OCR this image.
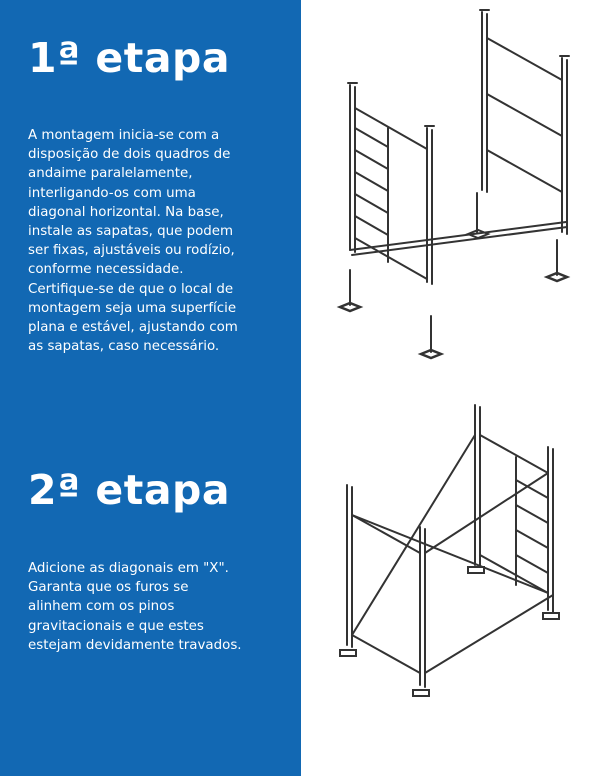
1ª etapa

A montagem inicia-se com a
disposição de dois quadros de
andaime paralelamente,
interligando-os com uma
diagonal horizontal. Na base,
instale as sapatas, que podem
ser fixas, ajustáveis ou rodízio,
conforme necessidade.
Certifique-se de que o local de
montagem seja uma superfície
plana e estável, ajustando com
as sapatas, caso necessário.

2ª etapa

Adicione as diagonais em "X".
Garanta que os furos se
alinhem com os pinos
gravitacionais e que estes
estejam devidamente travados.
